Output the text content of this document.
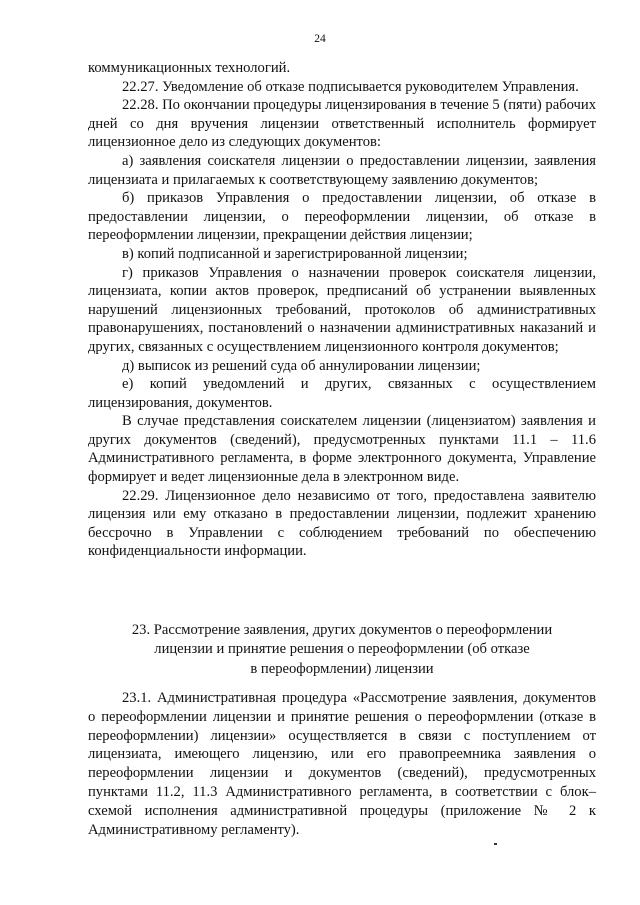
24

коммуникационных технологий.

22.27. Уведомление об отказе подписывается руководителем Управления.

22.28. По окончании процедуры лицензирования в течение 5 (пяти) рабочих дней со дня вручения лицензии ответственный исполнитель формирует лицензионное дело из следующих документов:

а) заявления соискателя лицензии о предоставлении лицензии, заявления лицензиата и прилагаемых к соответствующему заявлению документов;

б) приказов Управления о предоставлении лицензии, об отказе в предоставлении лицензии, о переоформлении лицензии, об отказе в переоформлении лицензии, прекращении действия лицензии;

в) копий подписанной и зарегистрированной лицензии;

г) приказов Управления о назначении проверок соискателя лицензии, лицензиата, копии актов проверок, предписаний об устранении выявленных нарушений лицензионных требований, протоколов об административных правонарушениях, постановлений о назначении административных наказаний и других, связанных с осуществлением лицензионного контроля документов;

д) выписок из решений суда об аннулировании лицензии;

е) копий уведомлений и других, связанных с осуществлением лицензирования, документов.

В случае представления соискателем лицензии (лицензиатом) заявления и других документов (сведений), предусмотренных пунктами 11.1 – 11.6 Административного регламента, в форме электронного документа, Управление формирует и ведет лицензионные дела в электронном виде.

22.29. Лицензионное дело независимо от того, предоставлена заявителю лицензия или ему отказано в предоставлении лицензии, подлежит хранению бессрочно в Управлении с соблюдением требований по обеспечению конфиденциальности информации.

23. Рассмотрение заявления, других документов о переоформлении

лицензии и принятие решения о переоформлении (об отказе

в переоформлении) лицензии

23.1. Административная процедура «Рассмотрение заявления, документов о переоформлении лицензии и принятие решения о переоформлении (отказе в переоформлении) лицензии» осуществляется в связи с поступлением от лицензиата, имеющего лицензию, или его правопреемника заявления о переоформлении лицензии и документов (сведений), предусмотренных пунктами 11.2, 11.3 Административного регламента, в соответствии с блок–схемой исполнения административной процедуры (приложение № 2 к Административному регламенту).
